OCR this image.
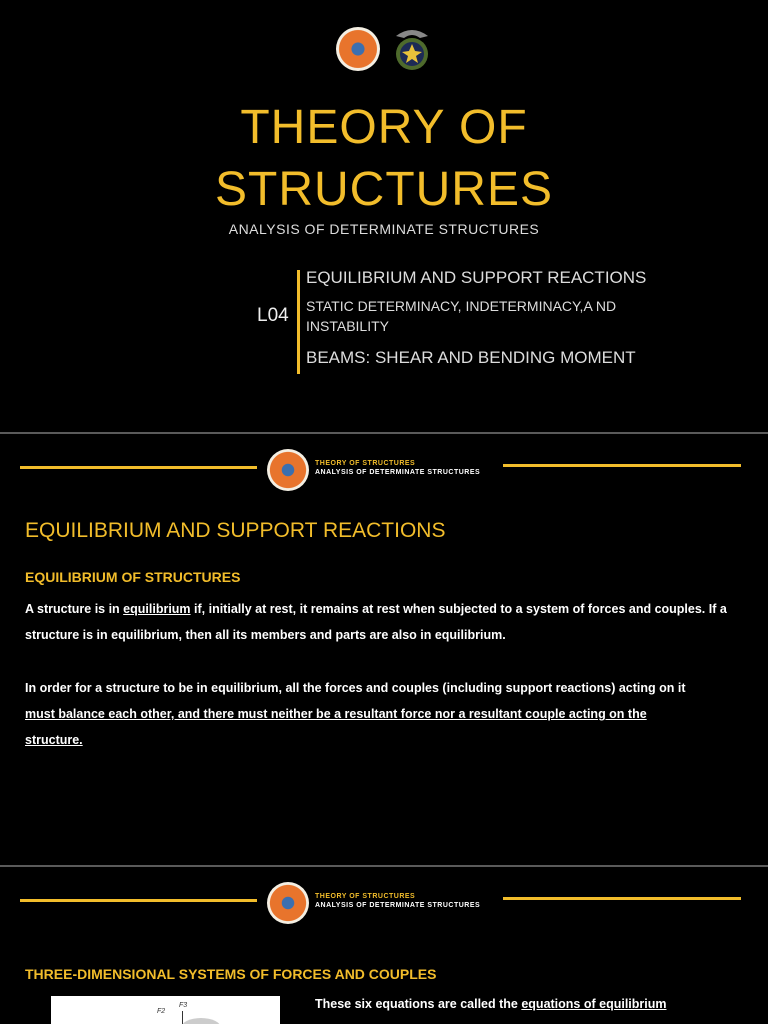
THEORY OF
STRUCTURES
ANALYSIS OF DETERMINATE STRUCTURES
L04
EQUILIBRIUM AND SUPPORT REACTIONS
STATIC DETERMINACY, INDETERMINACY,A ND
INSTABILITY
BEAMS: SHEAR AND BENDING MOMENT
THEORY OF STRUCTURES
ANALYSIS OF DETERMINATE STRUCTURES
EQUILIBRIUM AND SUPPORT REACTIONS
EQUILIBRIUM OF STRUCTURES
A structure is in equilibrium if, initially at rest, it remains at rest when subjected to a system of forces and couples. If a structure is in equilibrium, then all its members and parts are also in equilibrium.
In order for a structure to be in equilibrium, all the forces and couples (including support reactions) acting on it must balance each other, and there must neither be a resultant force nor a resultant couple acting on the structure.
THEORY OF STRUCTURES
ANALYSIS OF DETERMINATE STRUCTURES
THREE-DIMENSIONAL SYSTEMS OF FORCES AND COUPLES
F2
F3	These six equations are called the equations of equilibrium
